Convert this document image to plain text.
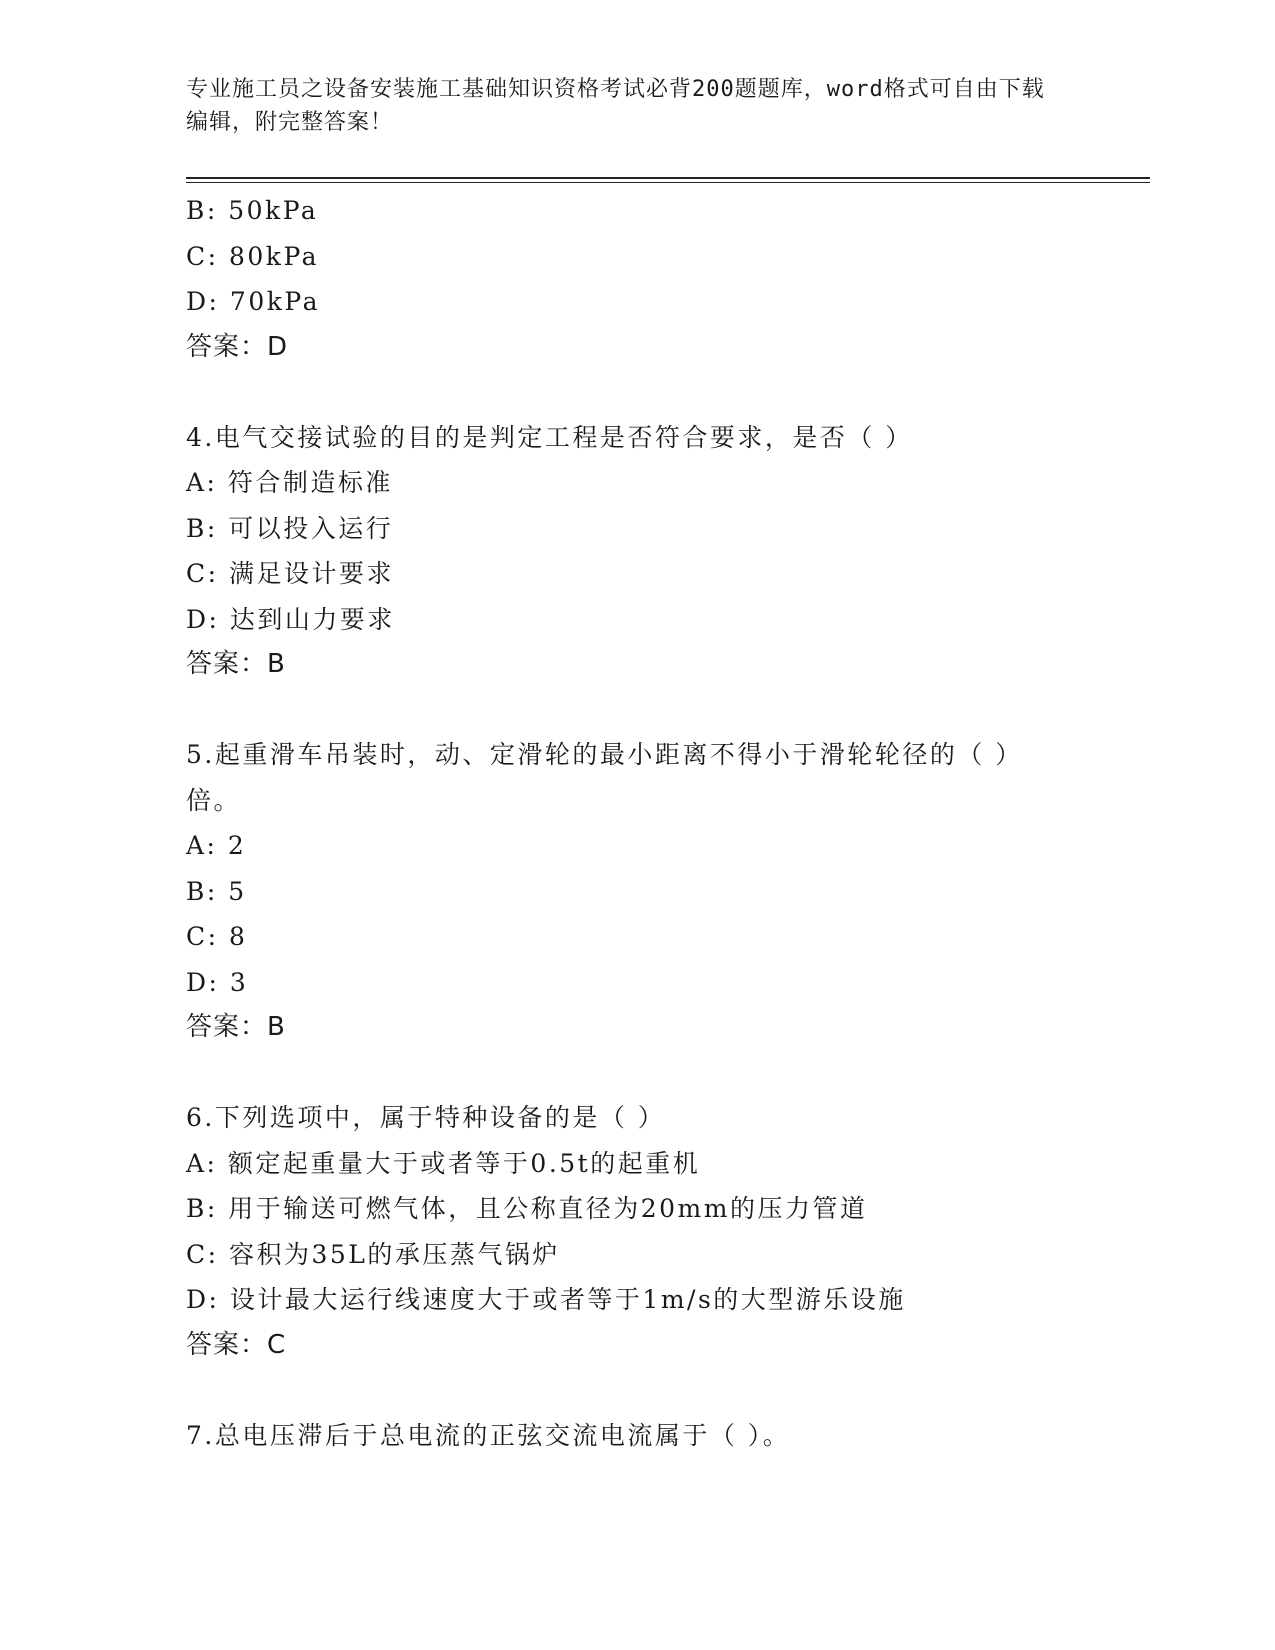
专业施工员之设备安装施工基础知识资格考试必背200题题库，word格式可自由下载编辑，附完整答案！
B: 50kPa
C: 80kPa
D: 70kPa
答案：D
4.电气交接试验的目的是判定工程是否符合要求，是否（ ）
A: 符合制造标准
B: 可以投入运行
C: 满足设计要求
D: 达到山力要求
答案：B
5.起重滑车吊装时，动、定滑轮的最小距离不得小于滑轮轮径的（ ）倍。
A: 2
B: 5
C: 8
D: 3
答案：B
6.下列选项中，属于特种设备的是（ ）
A: 额定起重量大于或者等于0.5t的起重机
B: 用于输送可燃气体，且公称直径为20mm的压力管道
C: 容积为35L的承压蒸气锅炉
D: 设计最大运行线速度大于或者等于1m/s的大型游乐设施
答案：C
7.总电压滞后于总电流的正弦交流电流属于（ ）。
